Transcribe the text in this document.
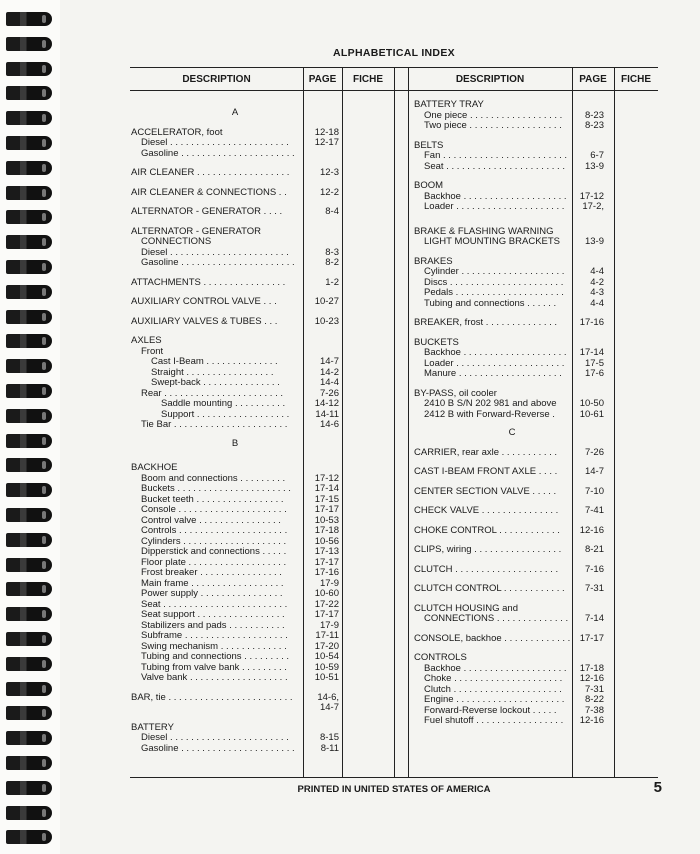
ALPHABETICAL INDEX
DESCRIPTION	PAGE	FICHE	DESCRIPTION	PAGE	FICHE
A
ACCELERATOR, foot	12-18
Diesel . . . . . . . . . . . . . . . . . . . . . . .	12-17
Gasoline . . . . . . . . . . . . . . . . . . . . . .
AIR CLEANER . . . . . . . . . . . . . . . . . .	12-3
AIR CLEANER & CONNECTIONS . .	12-2
ALTERNATOR - GENERATOR . . . .	8-4
ALTERNATOR - GENERATOR
CONNECTIONS
Diesel . . . . . . . . . . . . . . . . . . . . . . .	8-3
Gasoline . . . . . . . . . . . . . . . . . . . . . .	8-2
ATTACHMENTS . . . . . . . . . . . . . . . .	1-2
AUXILIARY CONTROL VALVE . . .	10-27
AUXILIARY VALVES & TUBES . . .	10-23
AXLES
Front
Cast I-Beam . . . . . . . . . . . . . .	14-7
Straight . . . . . . . . . . . . . . . . .	14-2
Swept-back . . . . . . . . . . . . . . .	14-4
Rear . . . . . . . . . . . . . . . . . . . . . . .	7-26
Saddle mounting . . . . . . . . . .	14-12
Support . . . . . . . . . . . . . . . . . .	14-11
Tie Bar . . . . . . . . . . . . . . . . . . . . . .	14-6
B
BACKHOE
Boom and connections . . . . . . . . .	17-12
Buckets . . . . . . . . . . . . . . . . . . . . . .	17-14
Bucket teeth . . . . . . . . . . . . . . . . .	17-15
Console . . . . . . . . . . . . . . . . . . . . .	17-17
Control valve . . . . . . . . . . . . . . . .	10-53
Controls . . . . . . . . . . . . . . . . . . . . .	17-18
Cylinders . . . . . . . . . . . . . . . . . . . .	10-56
Dipperstick and connections . . . . .	17-13
Floor plate . . . . . . . . . . . . . . . . . . .	17-17
Frost breaker . . . . . . . . . . . . . . . .	17-16
Main frame . . . . . . . . . . . . . . . . . .	17-9
Power supply . . . . . . . . . . . . . . . .	10-60
Seat . . . . . . . . . . . . . . . . . . . . . . . .	17-22
Seat support . . . . . . . . . . . . . . . . .	17-17
Stabilizers and pads . . . . . . . . . . .	17-9
Subframe . . . . . . . . . . . . . . . . . . . .	17-11
Swing mechanism . . . . . . . . . . . . .	17-20
Tubing and connections . . . . . . . . .	10-54
Tubing from valve bank . . . . . . . . .	10-59
Valve bank . . . . . . . . . . . . . . . . . . .	10-51
BAR, tie . . . . . . . . . . . . . . . . . . . . . . . .	14-6,
14-7
BATTERY
Diesel . . . . . . . . . . . . . . . . . . . . . . .	8-15
Gasoline . . . . . . . . . . . . . . . . . . . . . .	8-11
BATTERY TRAY
One piece . . . . . . . . . . . . . . . . . .	8-23
Two piece . . . . . . . . . . . . . . . . . .	8-23
BELTS
Fan . . . . . . . . . . . . . . . . . . . . . . . .	6-7
Seat . . . . . . . . . . . . . . . . . . . . . . .	13-9
BOOM
Backhoe . . . . . . . . . . . . . . . . . . . .	17-12
Loader . . . . . . . . . . . . . . . . . . . . .	17-2,
BRAKE & FLASHING WARNING
LIGHT MOUNTING BRACKETS	13-9
BRAKES
Cylinder . . . . . . . . . . . . . . . . . . . .	4-4
Discs . . . . . . . . . . . . . . . . . . . . . .	4-2
Pedals . . . . . . . . . . . . . . . . . . . . .	4-3
Tubing and connections . . . . . .	4-4
BREAKER, frost . . . . . . . . . . . . . .	17-16
BUCKETS
Backhoe . . . . . . . . . . . . . . . . . . . .	17-14
Loader . . . . . . . . . . . . . . . . . . . . .	17-5
Manure . . . . . . . . . . . . . . . . . . . .	17-6
BY-PASS, oil cooler
2410 B S/N 202 981 and above	10-50
2412 B with Forward-Reverse .	10-61
C
CARRIER, rear axle . . . . . . . . . . .	7-26
CAST I-BEAM FRONT AXLE . . . .	14-7
CENTER SECTION VALVE . . . . .	7-10
CHECK VALVE . . . . . . . . . . . . . . .	7-41
CHOKE CONTROL . . . . . . . . . . . .	12-16
CLIPS, wiring . . . . . . . . . . . . . . . . .	8-21
CLUTCH . . . . . . . . . . . . . . . . . . . .	7-16
CLUTCH CONTROL . . . . . . . . . . . .	7-31
CLUTCH HOUSING and
CONNECTIONS . . . . . . . . . . . . . .	7-14
CONSOLE, backhoe . . . . . . . . . . . . . 17-17
CONTROLS
Backhoe . . . . . . . . . . . . . . . . . . . .	17-18
Choke . . . . . . . . . . . . . . . . . . . . .	12-16
Clutch . . . . . . . . . . . . . . . . . . . . .	7-31
Engine . . . . . . . . . . . . . . . . . . . . .	8-22
Forward-Reverse lockout . . . . .	7-38
Fuel shutoff . . . . . . . . . . . . . . . . .	12-16
PRINTED IN UNITED STATES OF AMERICA	5
